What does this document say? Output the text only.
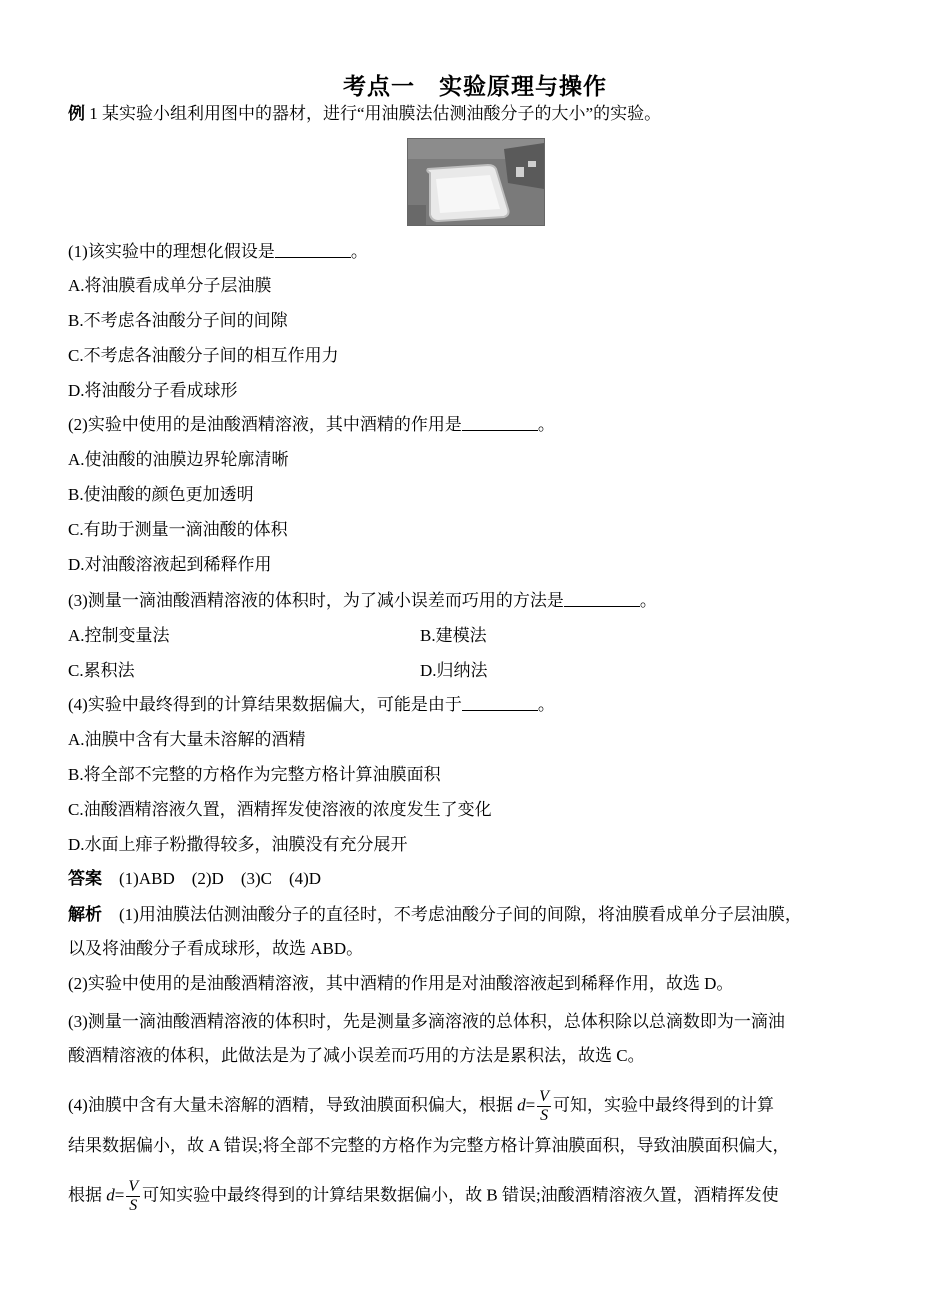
考点一　实验原理与操作
例 1 某实验小组利用图中的器材，进行“用油膜法估测油酸分子的大小”的实验。
(1)该实验中的理想化假设是	。
A.将油膜看成单分子层油膜
B.不考虑各油酸分子间的间隙
C.不考虑各油酸分子间的相互作用力
D.将油酸分子看成球形
(2)实验中使用的是油酸酒精溶液，其中酒精的作用是	。
A.使油酸的油膜边界轮廓清晰
B.使油酸的颜色更加透明
C.有助于测量一滴油酸的体积
D.对油酸溶液起到稀释作用
(3)测量一滴油酸酒精溶液的体积时，为了减小误差而巧用的方法是	。
A.控制变量法	B.建模法
C.累积法	D.归纳法
(4)实验中最终得到的计算结果数据偏大，可能是由于	。
A.油膜中含有大量未溶解的酒精
B.将全部不完整的方格作为完整方格计算油膜面积
C.油酸酒精溶液久置，酒精挥发使溶液的浓度发生了变化
D.水面上痱子粉撒得较多，油膜没有充分展开
答案　(1)ABD　(2)D　(3)C　(4)D
解析　(1)用油膜法估测油酸分子的直径时，不考虑油酸分子间的间隙，将油膜看成单分子层油膜，
以及将油酸分子看成球形，故选 ABD。
(2)实验中使用的是油酸酒精溶液，其中酒精的作用是对油酸溶液起到稀释作用，故选 D。
(3)测量一滴油酸酒精溶液的体积时，先是测量多滴溶液的总体积，总体积除以总滴数即为一滴油
酸酒精溶液的体积，此做法是为了减小误差而巧用的方法是累积法，故选 C。
(4)油膜中含有大量未溶解的酒精，导致油膜面积偏大，根据 $d= \frac{V}{S}$ 可知，实验中最终得到的计算
结果数据偏小，故 A 错误;将全部不完整的方格作为完整方格计算油膜面积，导致油膜面积偏大，
根据 $d= \frac{V}{S}$ 可知实验中最终得到的计算结果数据偏小，故 B 错误;油酸酒精溶液久置，酒精挥发使
